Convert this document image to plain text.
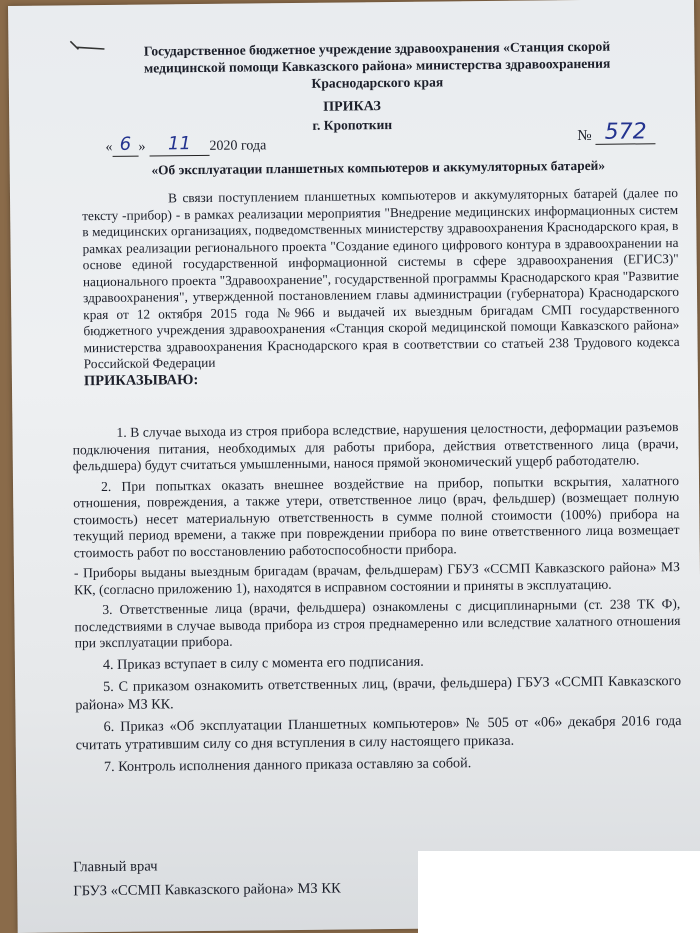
Государственное бюджетное учреждение здравоохранения «Станция скорой
медицинской помощи Кавказского района» министерства здравоохранения
Краснодарского края
ПРИКАЗ
г. Кропоткин
« 6 »	11	2020 года
№ 572
«Об эксплуатации планшетных компьютеров и аккумуляторных батарей»

В связи поступлением планшетных компьютеров и аккумуляторных батарей (далее по тексту -прибор) - в рамках реализации мероприятия "Внедрение медицинских информационных систем в медицинских организациях, подведомственных министерству здравоохранения Краснодарского края, в рамках реализации регионального проекта "Создание единого цифрового контура в здравоохранении на основе единой государственной информационной системы в сфере здравоохранения (ЕГИСЗ)" национального проекта "Здравоохранение", государственной программы Краснодарского края "Развитие здравоохранения", утвержденной постановлением главы администрации (губернатора) Краснодарского края от 12 октября 2015 года №966 и выдачей их выездным бригадам СМП государственного бюджетного учреждения здравоохранения «Станция скорой медицинской помощи Кавказского района» министерства здравоохранения Краснодарского края в соответствии со статьей 238 Трудового кодекса Российской Федерации

ПРИКАЗЫВАЮ:

1. В случае выхода из строя прибора вследствие, нарушения целостности, деформации разъемов подключения питания, необходимых для работы прибора, действия ответственного лица (врачи, фельдшера) будут считаться умышленными, нанося прямой экономический ущерб работодателю.

2. При попытках оказать внешнее воздействие на прибор, попытки вскрытия, халатного отношения, повреждения, а также утери, ответственное лицо (врач, фельдшер) (возмещает полную стоимость) несет материальную ответственность в сумме полной стоимости (100%) прибора на текущий период времени, а также при повреждении прибора по вине ответственного лица возмещает стоимость работ по восстановлению работоспособности прибора.

- Приборы выданы выездным бригадам (врачам, фельдшерам) ГБУЗ «ССМП Кавказского района» МЗ КК, (согласно приложению 1), находятся в исправном состоянии и приняты в эксплуатацию.

3. Ответственные лица (врачи, фельдшера) ознакомлены с дисциплинарными (ст. 238 ТК Ф), последствиями в случае вывода прибора из строя преднамеренно или вследствие халатного отношения при эксплуатации прибора.

4. Приказ вступает в силу с момента его подписания.

5. С приказом ознакомить ответственных лиц, (врачи, фельдшера) ГБУЗ «ССМП Кавказского района» МЗ КК.

6. Приказ «Об эксплуатации Планшетных компьютеров» № 505 от «06» декабря 2016 года считать утратившим силу со дня вступления в силу настоящего приказа.

7. Контроль исполнения данного приказа оставляю за собой.

Главный врач

ГБУЗ «ССМП Кавказского района» МЗ КК
